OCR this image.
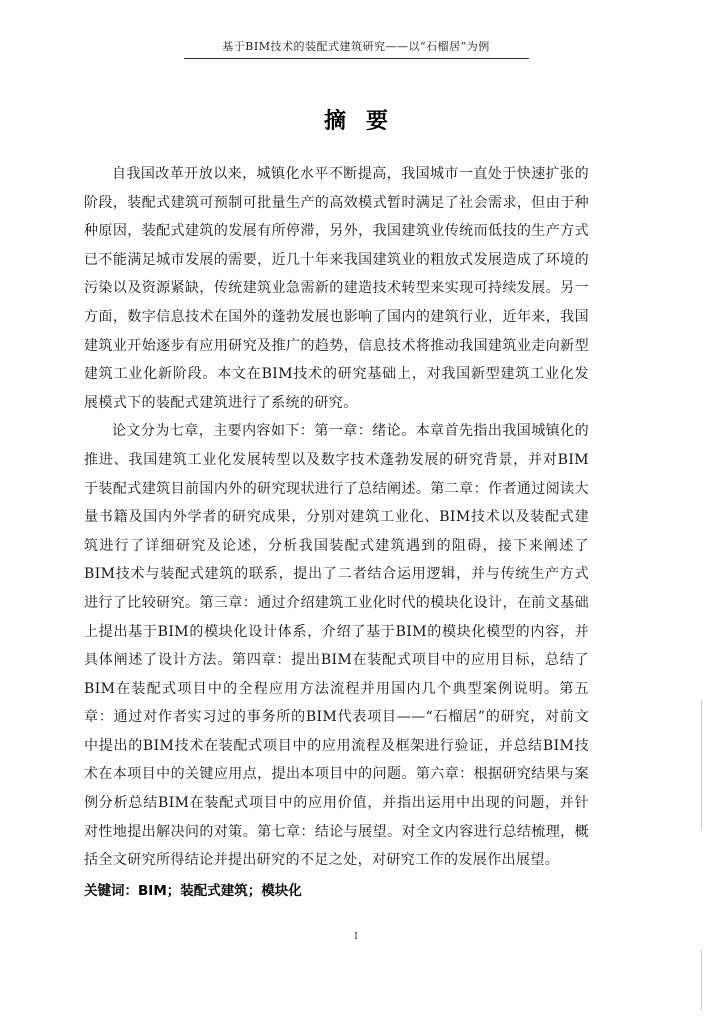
基于BIM技术的装配式建筑研究——以“石榴居”为例
摘要

自我国改革开放以来，城镇化水平不断提高，我国城市一直处于快速扩张的阶段，装配式建筑可预制可批量生产的高效模式暂时满足了社会需求，但由于种种原因，装配式建筑的发展有所停滞，另外，我国建筑业传统而低技的生产方式已不能满足城市发展的需要，近几十年来我国建筑业的粗放式发展造成了环境的污染以及资源紧缺，传统建筑业急需新的建造技术转型来实现可持续发展。另一方面，数字信息技术在国外的蓬勃发展也影响了国内的建筑行业，近年来，我国建筑业开始逐步有应用研究及推广的趋势，信息技术将推动我国建筑业走向新型建筑工业化新阶段。本文在BIM技术的研究基础上，对我国新型建筑工业化发展模式下的装配式建筑进行了系统的研究。

论文分为七章，主要内容如下：第一章：绪论。本章首先指出我国城镇化的推进、我国建筑工业化发展转型以及数字技术蓬勃发展的研究背景，并对BIM于装配式建筑目前国内外的研究现状进行了总结阐述。第二章：作者通过阅读大量书籍及国内外学者的研究成果，分别对建筑工业化、BIM技术以及装配式建筑进行了详细研究及论述，分析我国装配式建筑遇到的阻碍，接下来阐述了BIM技术与装配式建筑的联系，提出了二者结合运用逻辑，并与传统生产方式进行了比较研究。第三章：通过介绍建筑工业化时代的模块化设计，在前文基础上提出基于BIM的模块化设计体系，介绍了基于BIM的模块化模型的内容，并具体阐述了设计方法。第四章：提出BIM在装配式项目中的应用目标，总结了BIM在装配式项目中的全程应用方法流程并用国内几个典型案例说明。第五章：通过对作者实习过的事务所的BIM代表项目——“石榴居”的研究，对前文中提出的BIM技术在装配式项目中的应用流程及框架进行验证，并总结BIM技术在本项目中的关键应用点，提出本项目中的问题。第六章：根据研究结果与案例分析总结BIM在装配式项目中的应用价值，并指出运用中出现的问题，并针对性地提出解决问的对策。第七章：结论与展望。对全文内容进行总结梳理，概括全文研究所得结论并提出研究的不足之处，对研究工作的发展作出展望。

关键词：BIM；装配式建筑；模块化

I
